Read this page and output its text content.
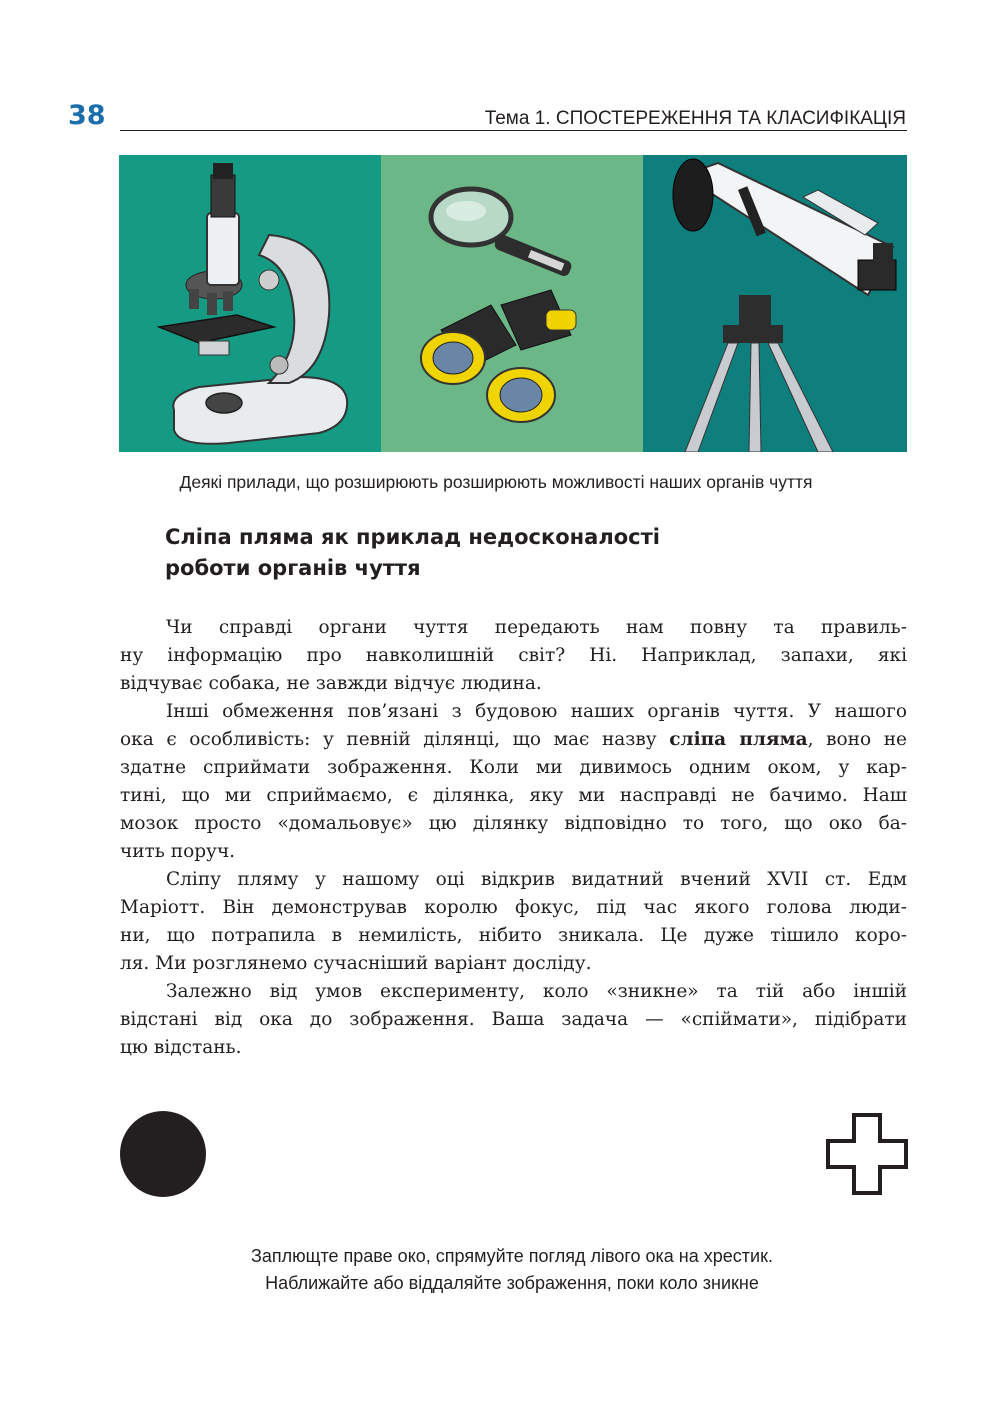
38	Тема 1. СПОСТЕРЕЖЕННЯ ТА КЛАСИФІКАЦІЯ
Деякі прилади, що розширюють розширюють можливості наших органів чуття
Сліпа пляма як приклад недосконалості
роботи органів чуття
Чи справді органи чуття передають нам повну та правиль-
ну інформацію про навколишній світ? Ні. Наприклад, запахи, які
відчуває собака, не завжди відчує людина.
Інші обмеження пов’язані з будовою наших органів чуття. У нашого
ока є особливість: у певній ділянці, що має назву сліпа пляма, воно не
здатне сприймати зображення. Коли ми дивимось одним оком, у кар-
тині, що ми сприймаємо, є ділянка, яку ми насправді не бачимо. Наш
мозок просто «домальовує» цю ділянку відповідно то того, що око ба-
чить поруч.
Сліпу пляму у нашому оці відкрив видатний вчений XVII ст. Едм
Маріотт. Він демонстрував королю фокус, під час якого голова люди-
ни, що потрапила в немилість, нібито зникала. Це дуже тішило коро-
ля. Ми розглянемо сучасніший варіант досліду.
Залежно від умов експерименту, коло «зникне» та тій або іншій
відстані від ока до зображення. Ваша задача — «спіймати», підібрати
цю відстань.
Заплющте праве око, спрямуйте погляд лівого ока на хрестик.
Наближайте або віддаляйте зображення, поки коло зникне
